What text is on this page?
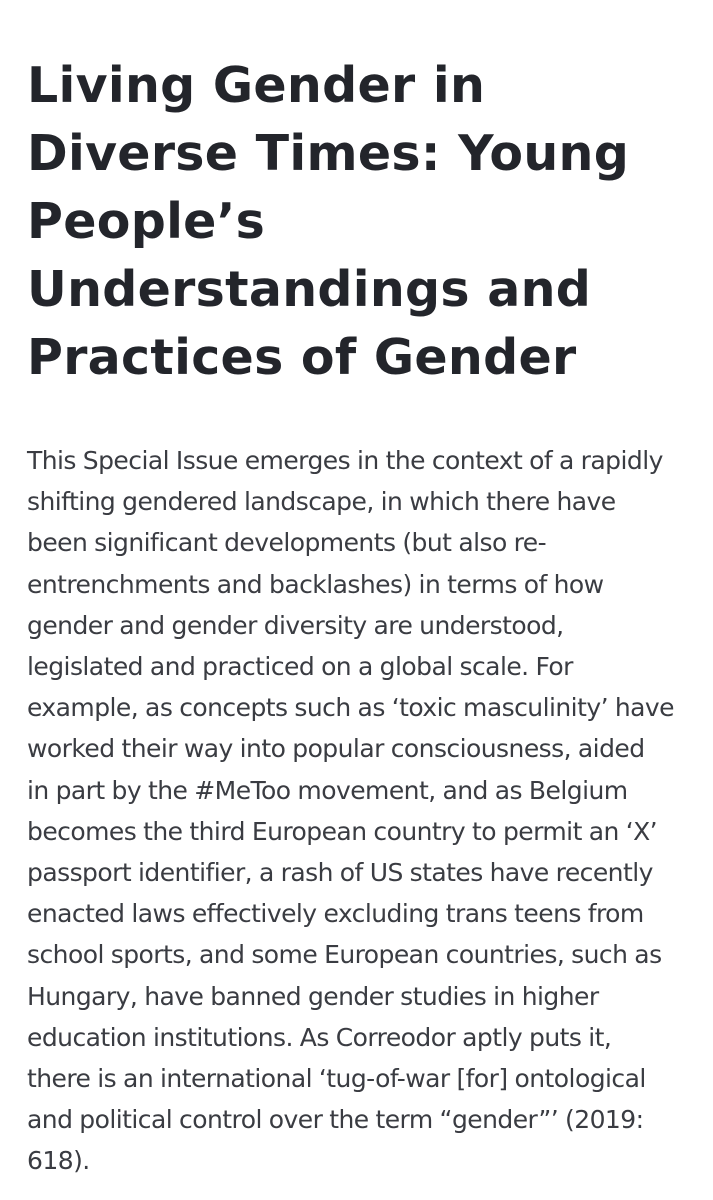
Living Gender in
Diverse Times: Young
People’s
Understandings and
Practices of Gender

This Special Issue emerges in the context of a rapidly
shifting gendered landscape, in which there have
been significant developments (but also re-
entrenchments and backlashes) in terms of how
gender and gender diversity are understood,
legislated and practiced on a global scale. For
example, as concepts such as ‘toxic masculinity’ have
worked their way into popular consciousness, aided
in part by the #MeToo movement, and as Belgium
becomes the third European country to permit an ‘X’
passport identifier, a rash of US states have recently
enacted laws effectively excluding trans teens from
school sports, and some European countries, such as
Hungary, have banned gender studies in higher
education institutions. As Correodor aptly puts it,
there is an international ‘tug-of-war [for] ontological
and political control over the term “gender”’ (2019:
618).
